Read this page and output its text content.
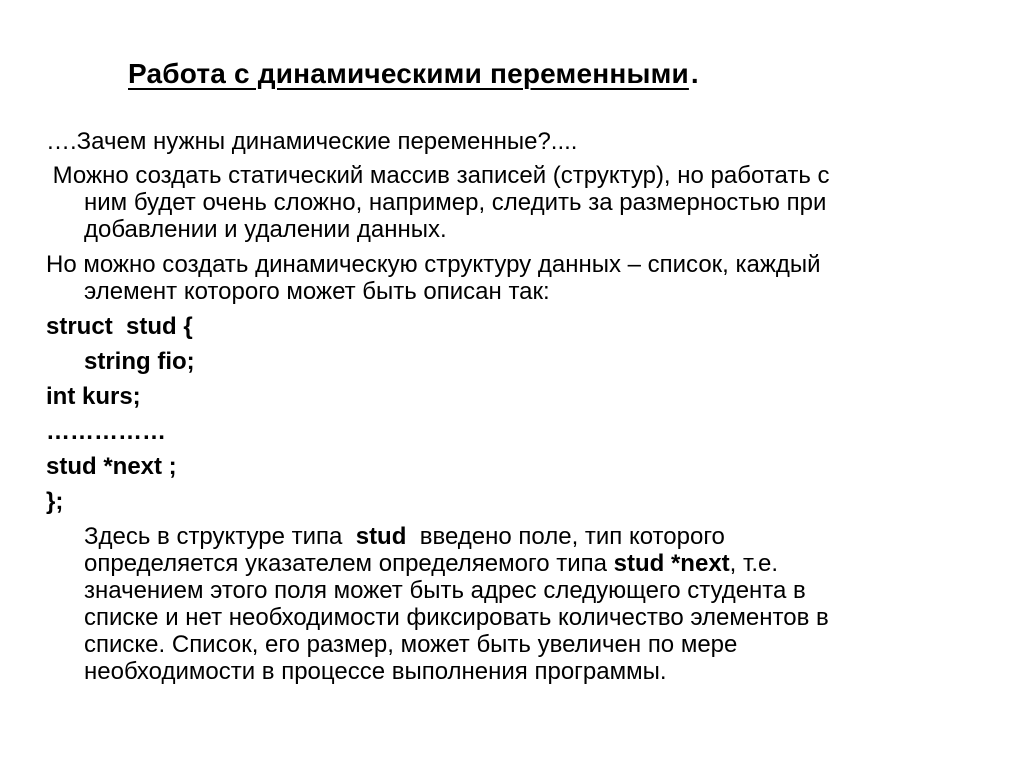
Работа с динамическими переменными.

….Зачем нужны динамические переменные?....

Можно создать статический массив записей (структур), но работать с

ним будет очень сложно, например, следить за размерностью при

добавлении и удалении данных.

Но можно создать динамическую структуру данных – список, каждый

элемент которого может быть описан так:

struct  stud {

string fio;

int kurs;

……………

stud *next ;

};

Здесь в структуре типа  stud  введено поле, тип которого

определяется указателем определяемого типа stud *next, т.е.

значением этого поля может быть адрес следующего студента в

списке и нет необходимости фиксировать количество элементов в

списке. Список, его размер, может быть увеличен по мере

необходимости в процессе выполнения программы.
